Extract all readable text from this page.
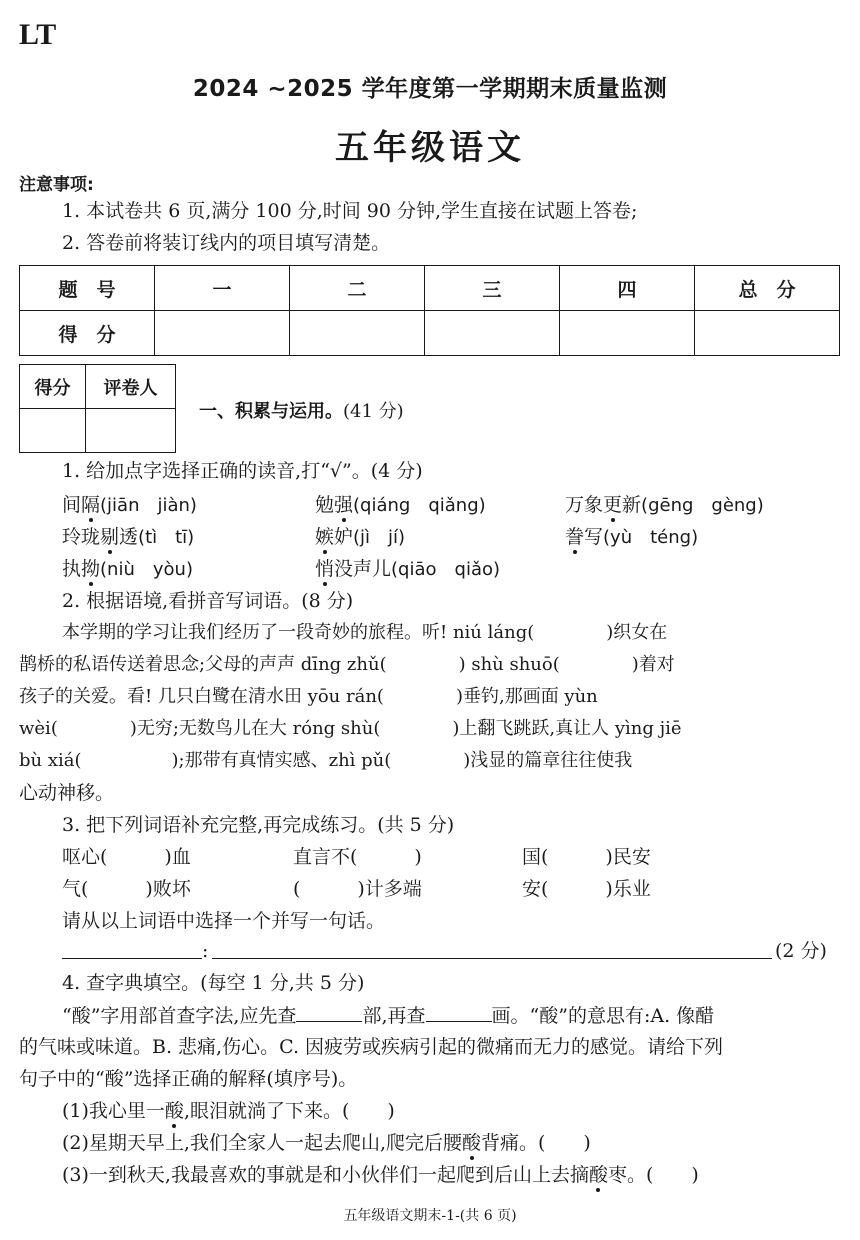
LT
2024 ~2025 学年度第一学期期末质量监测
五年级语文
注意事项:
1. 本试卷共 6 页,满分 100 分,时间 90 分钟,学生直接在试题上答卷;
2. 答卷前将装订线内的项目填写清楚。
题　号	一	二	三	四	总　分
得　分					
得分	评卷人

一、积累与运用。(41 分)
1. 给加点字选择正确的读音,打“√”。(4 分)
间隔(jiān　jiàn)	勉强(qiáng　qiǎng)	万象更新(gēng　gèng)
玲珑剔透(tì　tī)	嫉妒(jì　jí)	誊写(yù　téng)
执拗(niù　yòu)	悄没声儿(qiāo　qiǎo)
2. 根据语境,看拼音写词语。(8 分)
本学期的学习让我们经历了一段奇妙的旅程。听! niú láng(　　　　)织女在
鹊桥的私语传送着思念;父母的声声 dīng zhǔ(　　　　) shù shuō(　　　　)着对
孩子的关爱。看! 几只白鹭在清水田 yōu rán(　　　　)垂钓,那画面 yùn
wèi(　　　　)无穷;无数鸟儿在大 róng shù(　　　　)上翻飞跳跃,真让人 yìng jiē
bù xiá(　　　　　);那带有真情实感、zhì pǔ(　　　　)浅显的篇章往往使我
心动神移。
3. 把下列词语补充完整,再完成练习。(共 5 分)
呕心(　　　)血	直言不(　　　)	国(　　　)民安
气(　　　)败坏	(　　　)计多端	安(　　　)乐业
请从以上词语中选择一个并写一句话。
:	(2 分)
4. 查字典填空。(每空 1 分,共 5 分)
“酸”字用部首查字法,应先查	部,再查	画。“酸”的意思有:A. 像醋
的气味或味道。B. 悲痛,伤心。C. 因疲劳或疾病引起的微痛而无力的感觉。请给下列
句子中的“酸”选择正确的解释(填序号)。
(1)我心里一酸,眼泪就淌了下来。(　　)
(2)星期天早上,我们全家人一起去爬山,爬完后腰酸背痛。(　　)
(3)一到秋天,我最喜欢的事就是和小伙伴们一起爬到后山上去摘酸枣。(　　)
五年级语文期末-1-(共 6 页)
